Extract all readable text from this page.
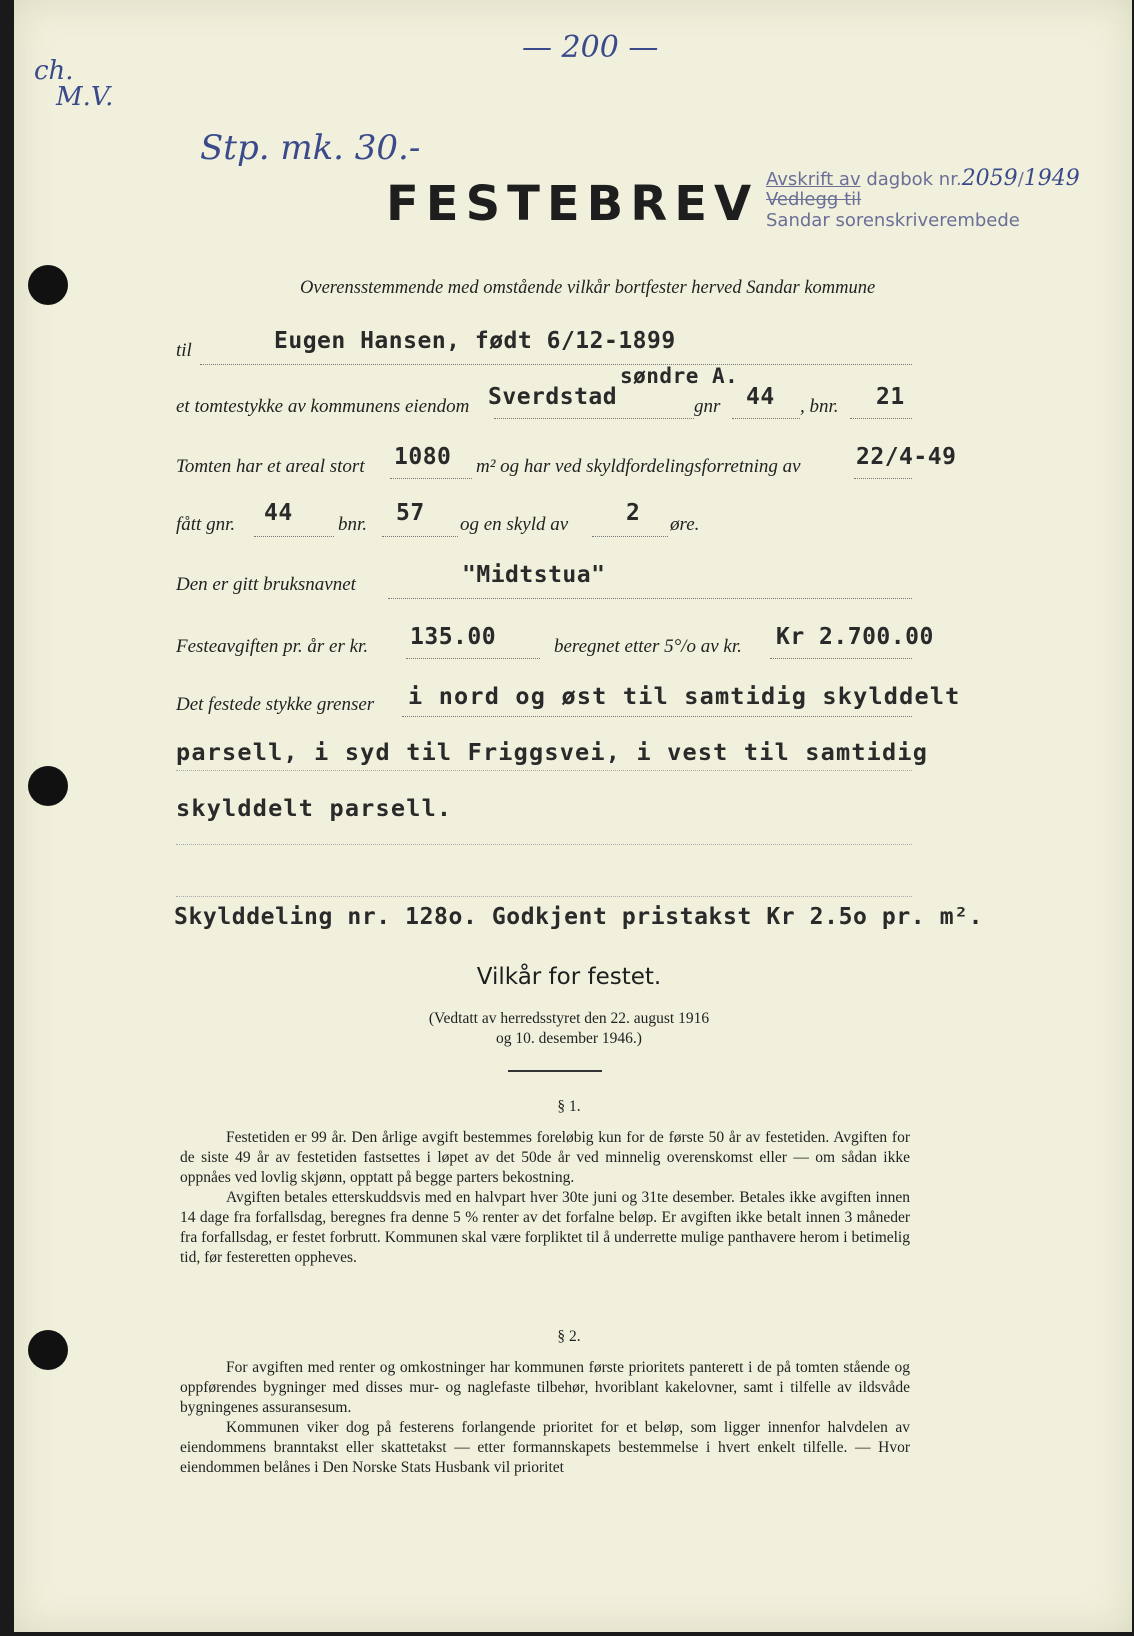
— 200 —
ch.
M.V.
Stp. mk. 30.-
Avskrift av dagbok nr.2059/1949
Vedlegg til
Sandar sorenskriverembede
FESTEBREV
Overensstemmende med omstående vilkår bortfester herved Sandar kommune
til	Eugen Hansen, født 6/12-1899
et tomtestykke av kommunens eiendom Sverdstad
søndre A.
gnr 44 , bnr. 21
Tomten har et areal stort 1080 m² og har ved skyldfordelingsforretning av 22/4-49
fått gnr. 44 bnr. 57 og en skyld av	2 øre.
Den er gitt bruksnavnet	"Midtstua"
Festeavgiften pr. år er kr. 135.00	beregnet etter 5°/o av kr. Kr 2.700.00
Det festede stykke grenser i nord og øst til samtidig skylddelt
parsell, i syd til Friggsvei, i vest til samtidig
skylddelt parsell.
Skylddeling nr. 128o. Godkjent pristakst Kr 2.5o pr. m².
Vilkår for festet.
(Vedtatt av herredsstyret den 22. august 1916
og 10. desember 1946.)
§ 1.

Festetiden er 99 år. Den årlige avgift bestemmes foreløbig kun for de første 50 år av festetiden. Avgiften for de siste 49 år av festetiden fastsettes i løpet av det 50de år ved minnelig overenskomst eller — om sådan ikke oppnåes ved lovlig skjønn, opptatt på begge parters bekostning.

Avgiften betales etterskuddsvis med en halvpart hver 30te juni og 31te desember. Betales ikke avgiften innen 14 dage fra forfallsdag, beregnes fra denne 5 % renter av det forfalne beløp. Er avgiften ikke betalt innen 3 måneder fra forfallsdag, er festet forbrutt. Kommunen skal være forpliktet til å underrette mulige panthavere herom i betimelig tid, før festeretten oppheves.

§ 2.

For avgiften med renter og omkostninger har kommunen første prioritets panterett i de på tomten stående og oppførendes bygninger med disses mur- og naglefaste tilbehør, hvoriblant kakelovner, samt i tilfelle av ildsvåde bygningenes assuransesum.

Kommunen viker dog på festerens forlangende prioritet for et beløp, som ligger innenfor halvdelen av eiendommens branntakst eller skattetakst — etter formannskapets bestemmelse i hvert enkelt tilfelle. — Hvor eiendommen belånes i Den Norske Stats Husbank vil prioritet
